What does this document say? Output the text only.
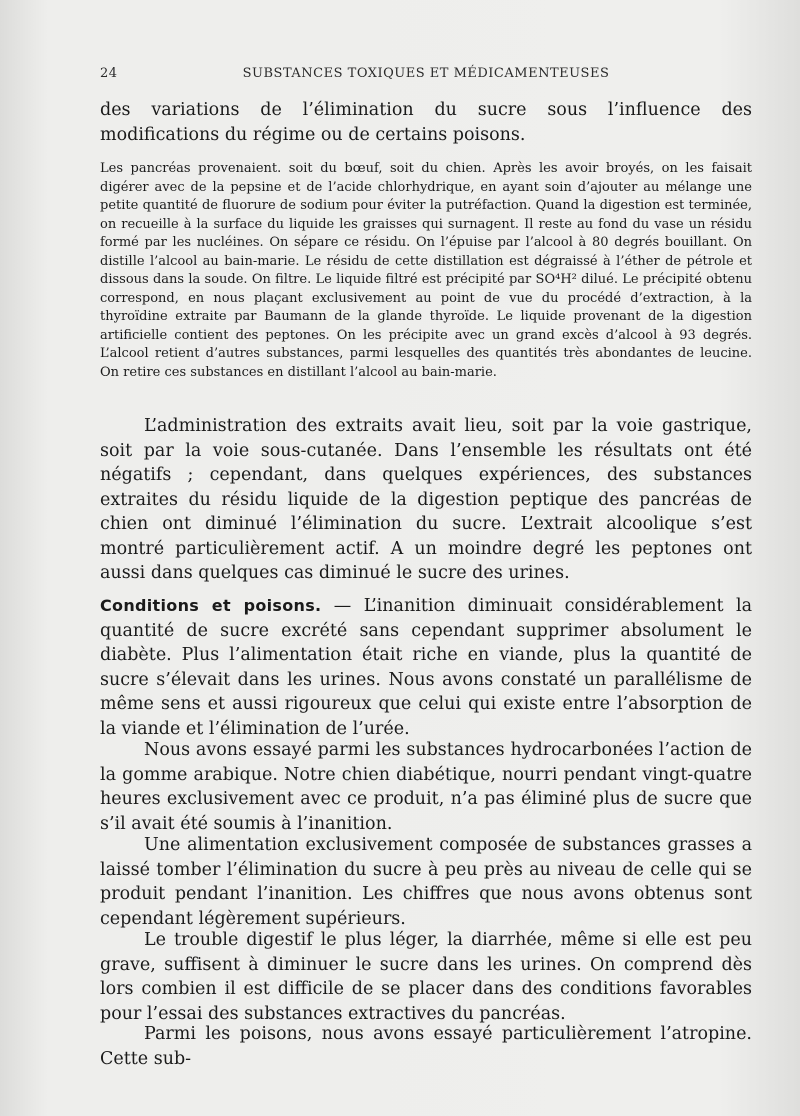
24	SUBSTANCES TOXIQUES ET MÉDICAMENTEUSES
des variations de l’élimination du sucre sous l’influence des modifications du régime ou de certains poisons.
Les pancréas provenaient. soit du bœuf, soit du chien. Après les avoir broyés, on les faisait digérer avec de la pepsine et de l’acide chlorhydrique, en ayant soin d’ajouter au mélange une petite quantité de fluorure de sodium pour éviter la putréfaction. Quand la digestion est terminée, on recueille à la surface du liquide les graisses qui surnagent. Il reste au fond du vase un résidu formé par les nucléines. On sépare ce résidu. On l’épuise par l’alcool à 80 degrés bouillant. On distille l’alcool au bain-marie. Le résidu de cette distillation est dégraissé à l’éther de pétrole et dissous dans la soude. On filtre. Le liquide filtré est précipité par SO⁴H² dilué. Le précipité obtenu correspond, en nous plaçant exclusivement au point de vue du procédé d’extraction, à la thyroïdine extraite par Baumann de la glande thyroïde. Le liquide provenant de la digestion artificielle contient des peptones. On les précipite avec un grand excès d’alcool à 93 degrés. L’alcool retient d’autres substances, parmi lesquelles des quantités très abondantes de leucine. On retire ces substances en distillant l’alcool au bain-marie.
L’administration des extraits avait lieu, soit par la voie gastrique, soit par la voie sous-cutanée. Dans l’ensemble les résultats ont été négatifs ; cependant, dans quelques expériences, des substances extraites du résidu liquide de la digestion peptique des pancréas de chien ont diminué l’élimination du sucre. L’extrait alcoolique s’est montré particulièrement actif. A un moindre degré les peptones ont aussi dans quelques cas diminué le sucre des urines.
Conditions et poisons. — L’inanition diminuait considérablement la quantité de sucre excrété sans cependant supprimer absolument le diabète. Plus l’alimentation était riche en viande, plus la quantité de sucre s’élevait dans les urines. Nous avons constaté un parallélisme de même sens et aussi rigoureux que celui qui existe entre l’absorption de la viande et l’élimination de l’urée.
Nous avons essayé parmi les substances hydrocarbonées l’action de la gomme arabique. Notre chien diabétique, nourri pendant vingt-quatre heures exclusivement avec ce produit, n’a pas éliminé plus de sucre que s’il avait été soumis à l’inanition.
Une alimentation exclusivement composée de substances grasses a laissé tomber l’élimination du sucre à peu près au niveau de celle qui se produit pendant l’inanition. Les chiffres que nous avons obtenus sont cependant légèrement supérieurs.
Le trouble digestif le plus léger, la diarrhée, même si elle est peu grave, suffisent à diminuer le sucre dans les urines. On comprend dès lors combien il est difficile de se placer dans des conditions favorables pour l’essai des substances extractives du pancréas.
Parmi les poisons, nous avons essayé particulièrement l’atropine. Cette sub-
